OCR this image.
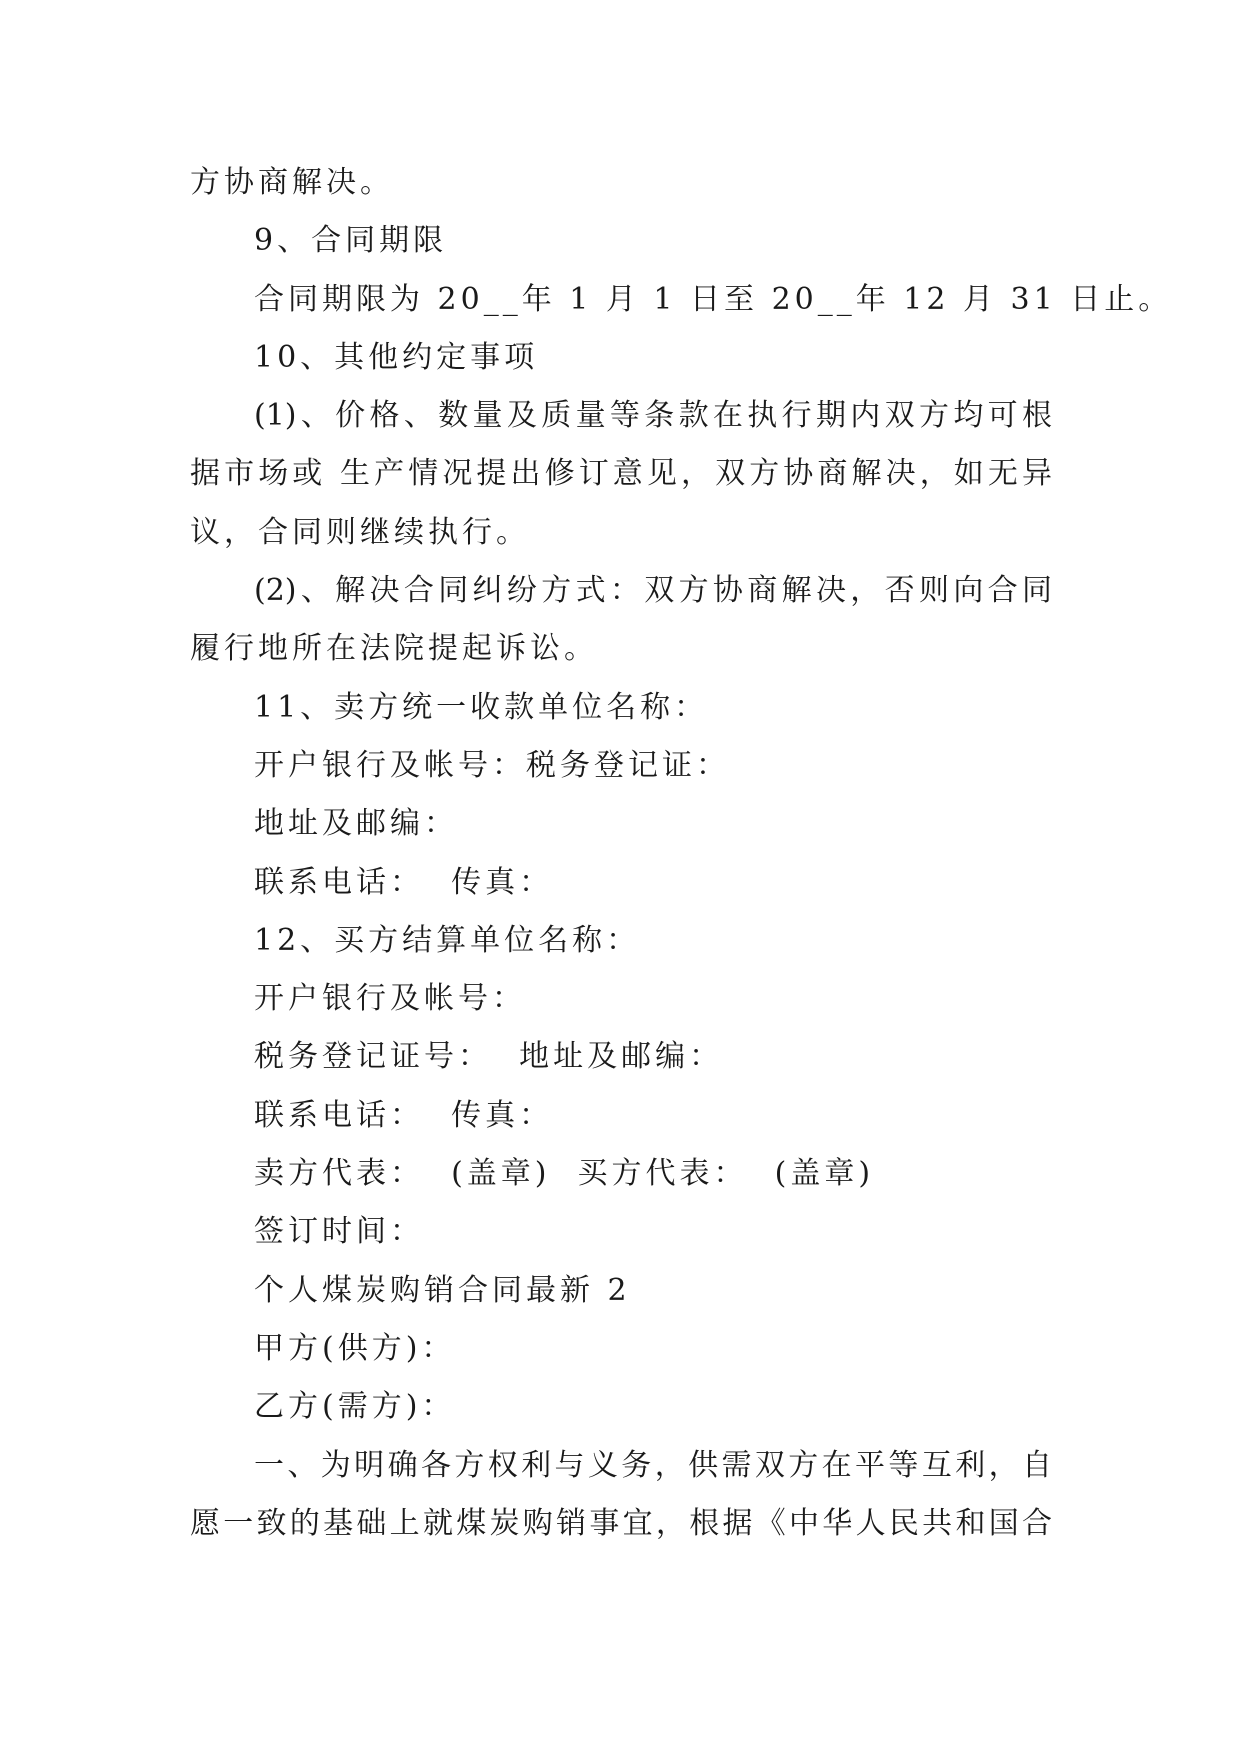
方协商解决。
9、合同期限
合同期限为 20__年 1 月 1 日至 20__年 12 月 31 日止。
10、其他约定事项
(1)、价格、数量及质量等条款在执行期内双方均可根
据市场或 生产情况提出修订意见，双方协商解决，如无异
议，合同则继续执行。
(2)、解决合同纠纷方式：双方协商解决，否则向合同
履行地所在法院提起诉讼。
11、卖方统一收款单位名称：
开户银行及帐号：税务登记证：
地址及邮编：
联系电话：  传真：
12、买方结算单位名称：
开户银行及帐号：
税务登记证号：  地址及邮编：
联系电话：  传真：
卖方代表：  (盖章)  买方代表：  (盖章)
签订时间：
个人煤炭购销合同最新 2
甲方(供方)：
乙方(需方)：
一、为明确各方权利与义务，供需双方在平等互利，自
愿一致的基础上就煤炭购销事宜，根据《中华人民共和国合
